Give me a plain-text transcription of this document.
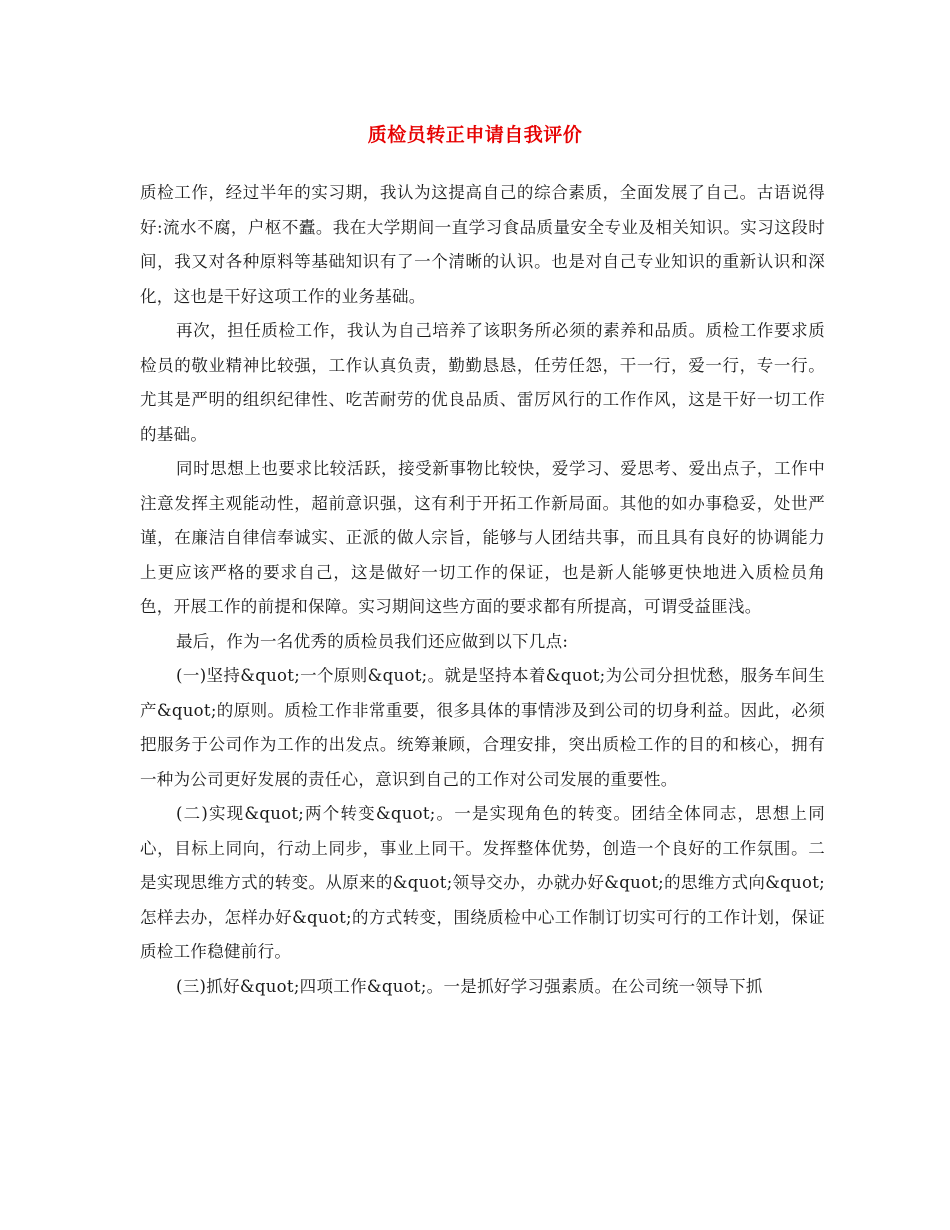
质检员转正申请自我评价

质检工作，经过半年的实习期，我认为这提高自己的综合素质，全面发展了自己。古语说得好:流水不腐，户枢不蠹。我在大学期间一直学习食品质量安全专业及相关知识。实习这段时间，我又对各种原料等基础知识有了一个清晰的认识。也是对自己专业知识的重新认识和深化，这也是干好这项工作的业务基础。

再次，担任质检工作，我认为自己培养了该职务所必须的素养和品质。质检工作要求质检员的敬业精神比较强，工作认真负责，勤勤恳恳，任劳任怨，干一行，爱一行，专一行。尤其是严明的组织纪律性、吃苦耐劳的优良品质、雷厉风行的工作作风，这是干好一切工作的基础。

同时思想上也要求比较活跃，接受新事物比较快，爱学习、爱思考、爱出点子，工作中注意发挥主观能动性，超前意识强，这有利于开拓工作新局面。其他的如办事稳妥，处世严谨，在廉洁自律信奉诚实、正派的做人宗旨，能够与人团结共事，而且具有良好的协调能力上更应该严格的要求自己，这是做好一切工作的保证，也是新人能够更快地进入质检员角色，开展工作的前提和保障。实习期间这些方面的要求都有所提高，可谓受益匪浅。

最后，作为一名优秀的质检员我们还应做到以下几点:

(一)坚持&quot;一个原则&quot;。就是坚持本着&quot;为公司分担忧愁，服务车间生产&quot;的原则。质检工作非常重要，很多具体的事情涉及到公司的切身利益。因此，必须把服务于公司作为工作的出发点。统筹兼顾，合理安排，突出质检工作的目的和核心，拥有一种为公司更好发展的责任心，意识到自己的工作对公司发展的重要性。

(二)实现&quot;两个转变&quot;。一是实现角色的转变。团结全体同志，思想上同心，目标上同向，行动上同步，事业上同干。发挥整体优势，创造一个良好的工作氛围。二是实现思维方式的转变。从原来的&quot;领导交办，办就办好&quot;的思维方式向&quot;怎样去办，怎样办好&quot;的方式转变，围绕质检中心工作制订切实可行的工作计划，保证质检工作稳健前行。

(三)抓好&quot;四项工作&quot;。一是抓好学习强素质。在公司统一领导下抓
